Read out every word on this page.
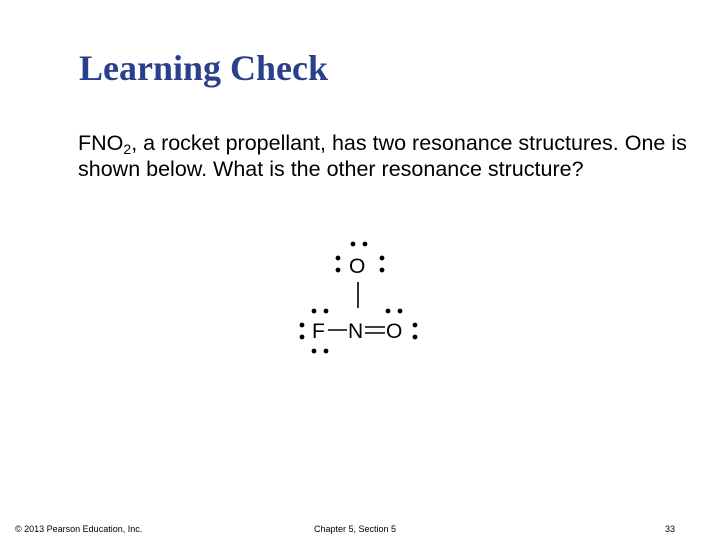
Learning Check
$FNO_2$, a rocket propellant, has two resonance structures. One is shown below. What is the other resonance structure?
O
F N O
© 2013 Pearson Education, Inc.	Chapter 5, Section 5	33
